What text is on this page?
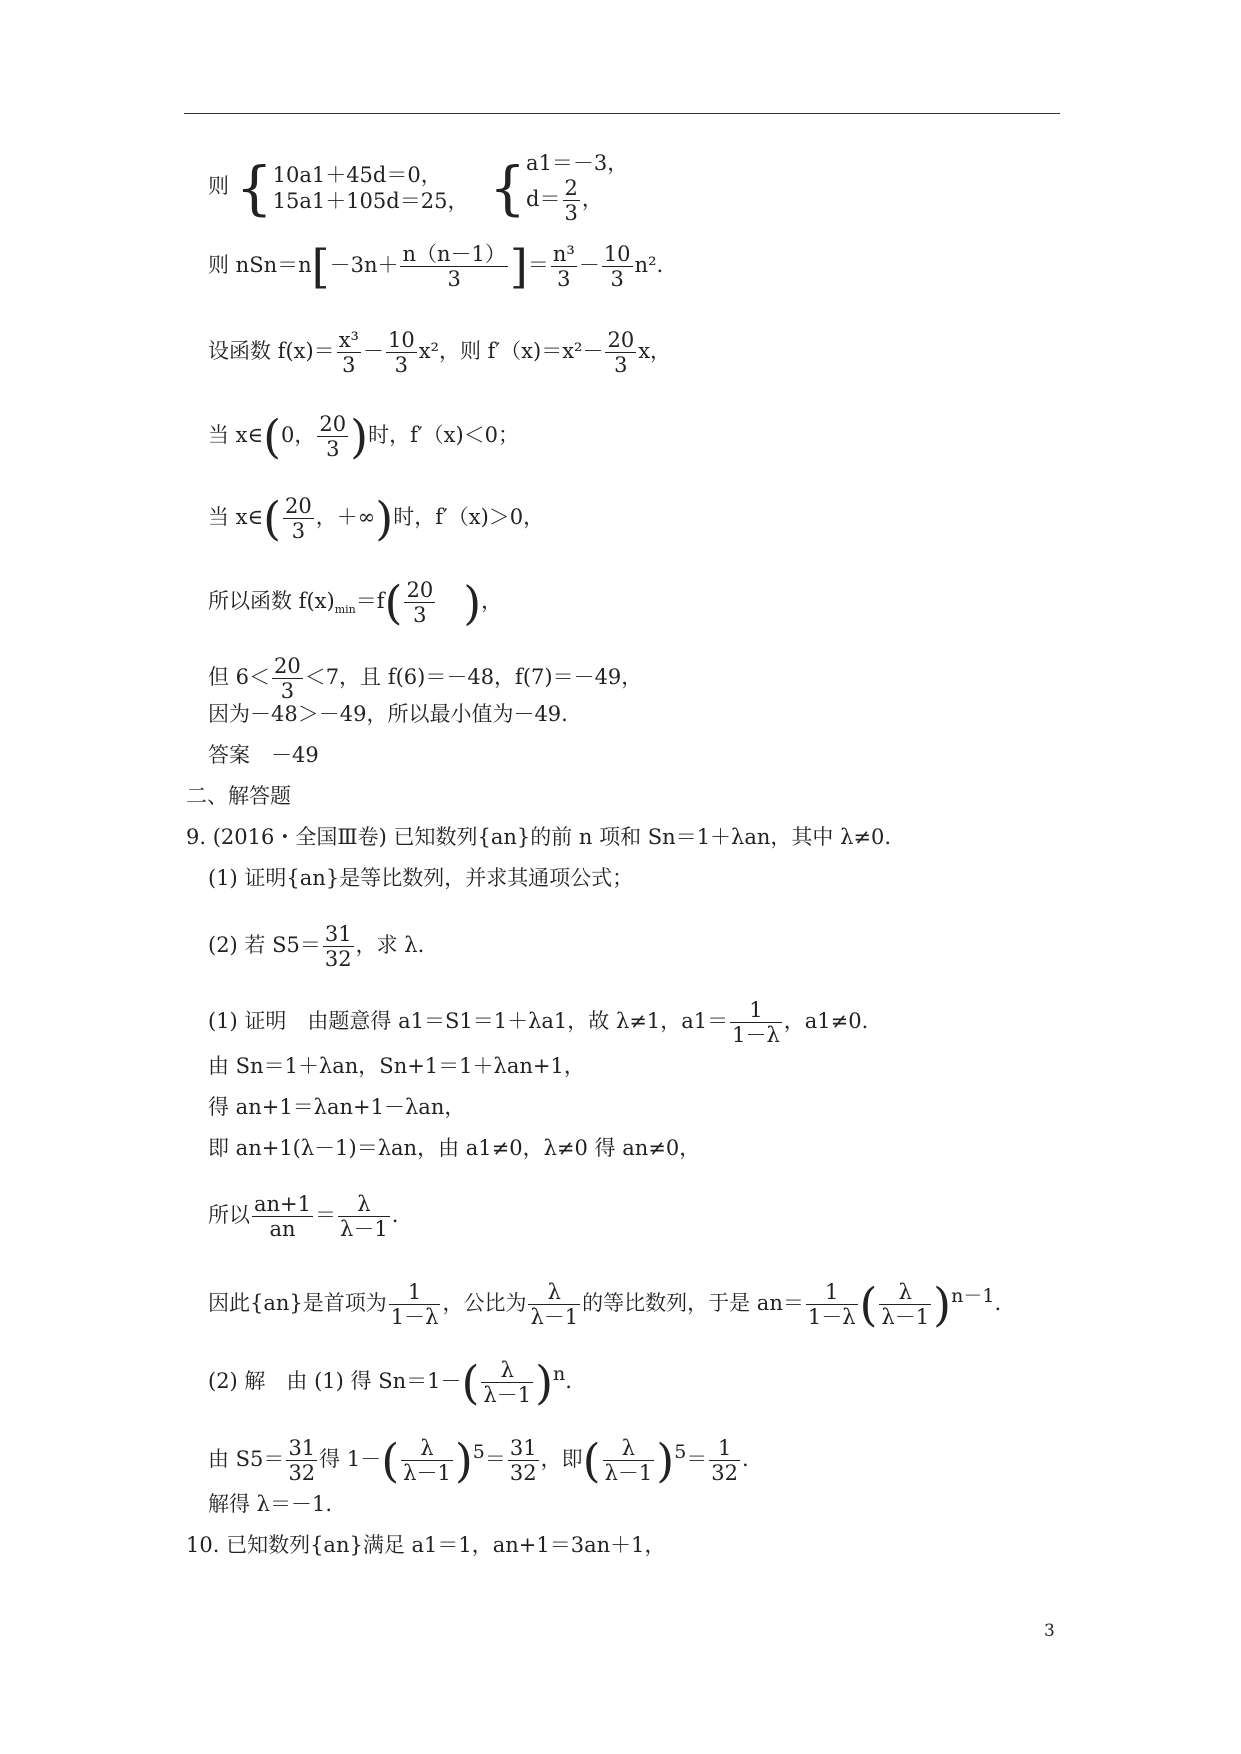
则 { 10a1＋45d＝0，
15a1＋105d＝25， { a1＝－3，
$d= \frac{2}{3}$ ，
则 $nSn=n[-3n+ \frac{n(n-1)}{3}$ ]＝ $\frac{\text{n³}}{3} - \frac{10}{3} n^2$.
设函数 $f(x)= \frac{\text{x³}}{3} - \frac{10}{3} x^2$，则 $f'(x)=x^2- \frac{20}{3}$ x，
当 x∈(0， $\frac{20}{3}$ )时，f′（x)＜0；
当 x∈( $\frac{20}{3}$ ，＋∞)时，f′（x)＞0，
所以函数 $f(x)_{min}=f( \frac{20}{3}$ )，
但 $6< \frac{20}{3} <7$，且 f(6)＝－48，f(7)＝－49，
因为－48＞－49，所以最小值为－49.
答案　－49
二、解答题
9. (2016・全国Ⅲ卷) 已知数列{an}的前 n 项和 Sn＝1＋λan，其中 λ≠0.
(1) 证明{an}是等比数列，并求其通项公式；
(2) 若 $S5= \frac{31}{32}$ ，求 λ.
(1) 证明　由题意得 a1＝S1＝1＋λa1，故 λ≠1，$a1= \frac{1}{1-\lambda}$ ，a1≠0.
由 Sn＝1＋λan，Sn+1＝1＋λan+1，
得 an+1＝λan+1－λan，
即 an+1(λ－1)＝λan，由 a1≠0，λ≠0 得 an≠0，
所以 $\frac{an+1}{an} = \frac{\lambda}{\lambda-1}$ .
因此{an}是首项为 $\frac{1}{1-\lambda}$ ，公比为 $\frac{\lambda}{\lambda-1}$ 的等比数列，于是 $an= \frac{1}{1-\lambda}$ ( $\frac{\lambda}{\lambda-1} )^{n-1}$.
(2) 解　由 (1) 得 $Sn=1-( \frac{\lambda}{\lambda-1} )^n$.
由 $S5= \frac{31}{32}$ 得 $1-( \frac{\lambda}{\lambda-1} )^5= \frac{31}{32}$ ，即( $\frac{\lambda}{\lambda-1} )^5= \frac{1}{32}$ .
解得 λ＝－1.
10. 已知数列{an}满足 a1＝1，an+1＝3an＋1，
3
